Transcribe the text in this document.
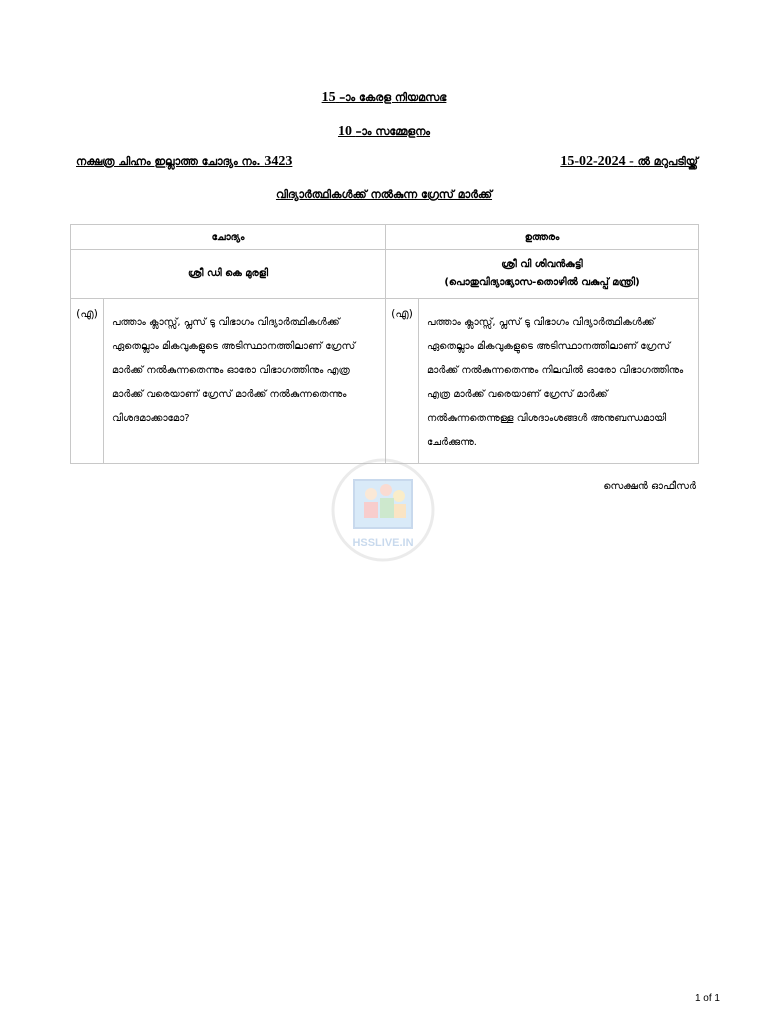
15 –ാം കേരള നിയമസഭ
10 –ാം സമ്മേളനം
നക്ഷത്ര ചിഹ്നം ഇല്ലാത്ത ചോദ്യം നം. 3423	15-02-2024 - ൽ മറുപടിയ്ക്ക്
വിദ്യാർത്ഥികൾക്ക് നൽകുന്ന ഗ്രേസ് മാർക്ക്
ചോദ്യം		ഉത്തരം	
ശ്രീ ഡി കെ മുരളി		ശ്രീ വി ശിവൻകുട്ടി
(പൊതുവിദ്യാഭ്യാസ-തൊഴിൽ വകുപ്പ് മന്ത്രി)	

(എ)	പത്താം ക്ലാസ്സ്, പ്ലസ് ടു വിഭാഗം വിദ്യാർത്ഥികൾക്ക് ഏതെല്ലാം മികവുകളുടെ അടിസ്ഥാനത്തിലാണ് ഗ്രേസ് മാർക്ക് നൽകുന്നതെന്നും ഓരോ വിഭാഗത്തിനും എത്ര മാർക്ക് വരെയാണ് ഗ്രേസ് മാർക്ക് നൽകുന്നതെന്നും വിശദമാക്കാമോ?	(എ)	പത്താം ക്ലാസ്സ്, പ്ലസ് ടു വിഭാഗം വിദ്യാർത്ഥികൾക്ക് ഏതെല്ലാം മികവുകളുടെ അടിസ്ഥാനത്തിലാണ് ഗ്രേസ് മാർക്ക് നൽകുന്നതെന്നും നിലവിൽ ഓരോ വിഭാഗത്തിനും എത്ര മാർക്ക് വരെയാണ് ഗ്രേസ് മാർക്ക് നൽകുന്നതെന്നുള്ള വിശദാംശങ്ങൾ അനുബന്ധമായി ചേർക്കുന്നു.
സെക്ഷൻ ഓഫീസർ
HSSLIVE.IN
1 of 1
